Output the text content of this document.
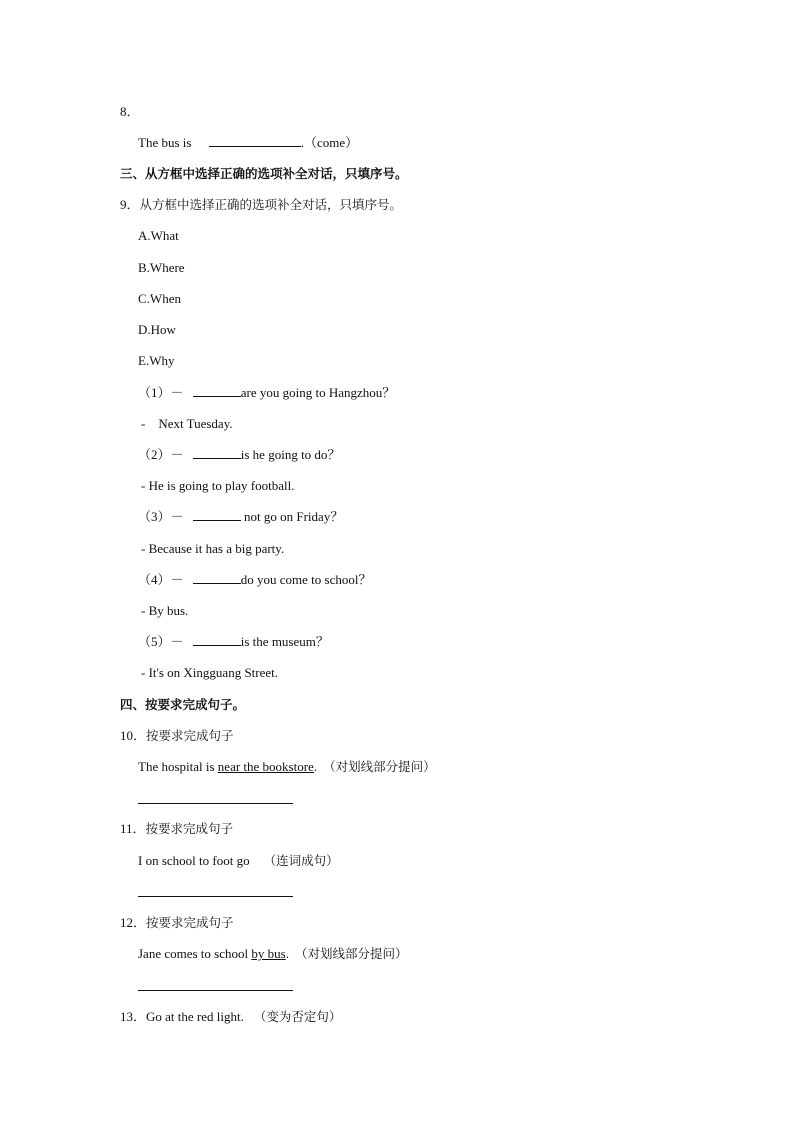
8．
The bus is	.（come）
三、从方框中选择正确的选项补全对话，只填序号。
9．从方框中选择正确的选项补全对话，只填序号。
A.What
B.Where
C.When
D.How
E.Why
（1）－	are you going to Hangzhou？
-　Next Tuesday.
（2）－	is he going to do？
- He is going to play football.
（3）－	not go on Friday？
- Because it has a big party.
（4）－	do you come to school？
- By bus.
（5）－	is the museum？
- It's on Xingguang Street.
四、按要求完成句子。
10．按要求完成句子
The hospital is near the bookstore. （对划线部分提问）
11．按要求完成句子
I on school to foot go （连词成句）
12．按要求完成句子
Jane comes to school by bus. （对划线部分提问）
13．Go at the red light. （变为否定句）
